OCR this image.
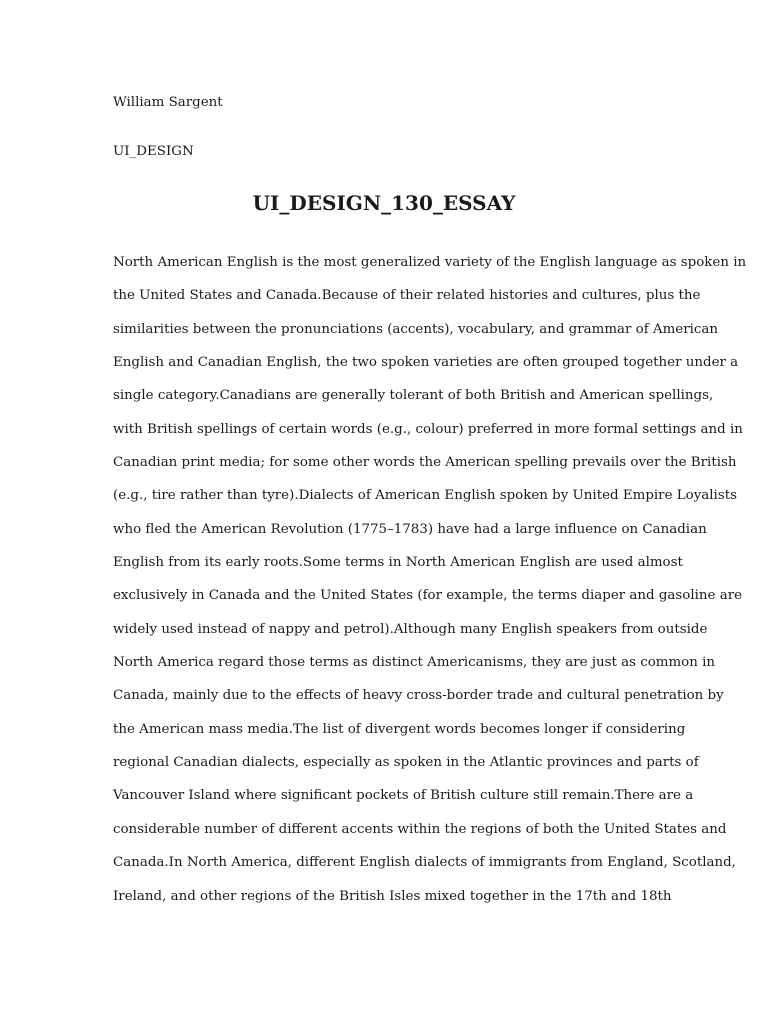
William Sargent
UI_DESIGN
UI_DESIGN_130_ESSAY
North American English is the most generalized variety of the English language as spoken in
the United States and Canada.Because of their related histories and cultures, plus the
similarities between the pronunciations (accents), vocabulary, and grammar of American
English and Canadian English, the two spoken varieties are often grouped together under a
single category.Canadians are generally tolerant of both British and American spellings,
with British spellings of certain words (e.g., colour) preferred in more formal settings and in
Canadian print media; for some other words the American spelling prevails over the British
(e.g., tire rather than tyre).Dialects of American English spoken by United Empire Loyalists
who fled the American Revolution (1775–1783) have had a large influence on Canadian
English from its early roots.Some terms in North American English are used almost
exclusively in Canada and the United States (for example, the terms diaper and gasoline are
widely used instead of nappy and petrol).Although many English speakers from outside
North America regard those terms as distinct Americanisms, they are just as common in
Canada, mainly due to the effects of heavy cross-border trade and cultural penetration by
the American mass media.The list of divergent words becomes longer if considering
regional Canadian dialects, especially as spoken in the Atlantic provinces and parts of
Vancouver Island where significant pockets of British culture still remain.There are a
considerable number of different accents within the regions of both the United States and
Canada.In North America, different English dialects of immigrants from England, Scotland,
Ireland, and other regions of the British Isles mixed together in the 17th and 18th
